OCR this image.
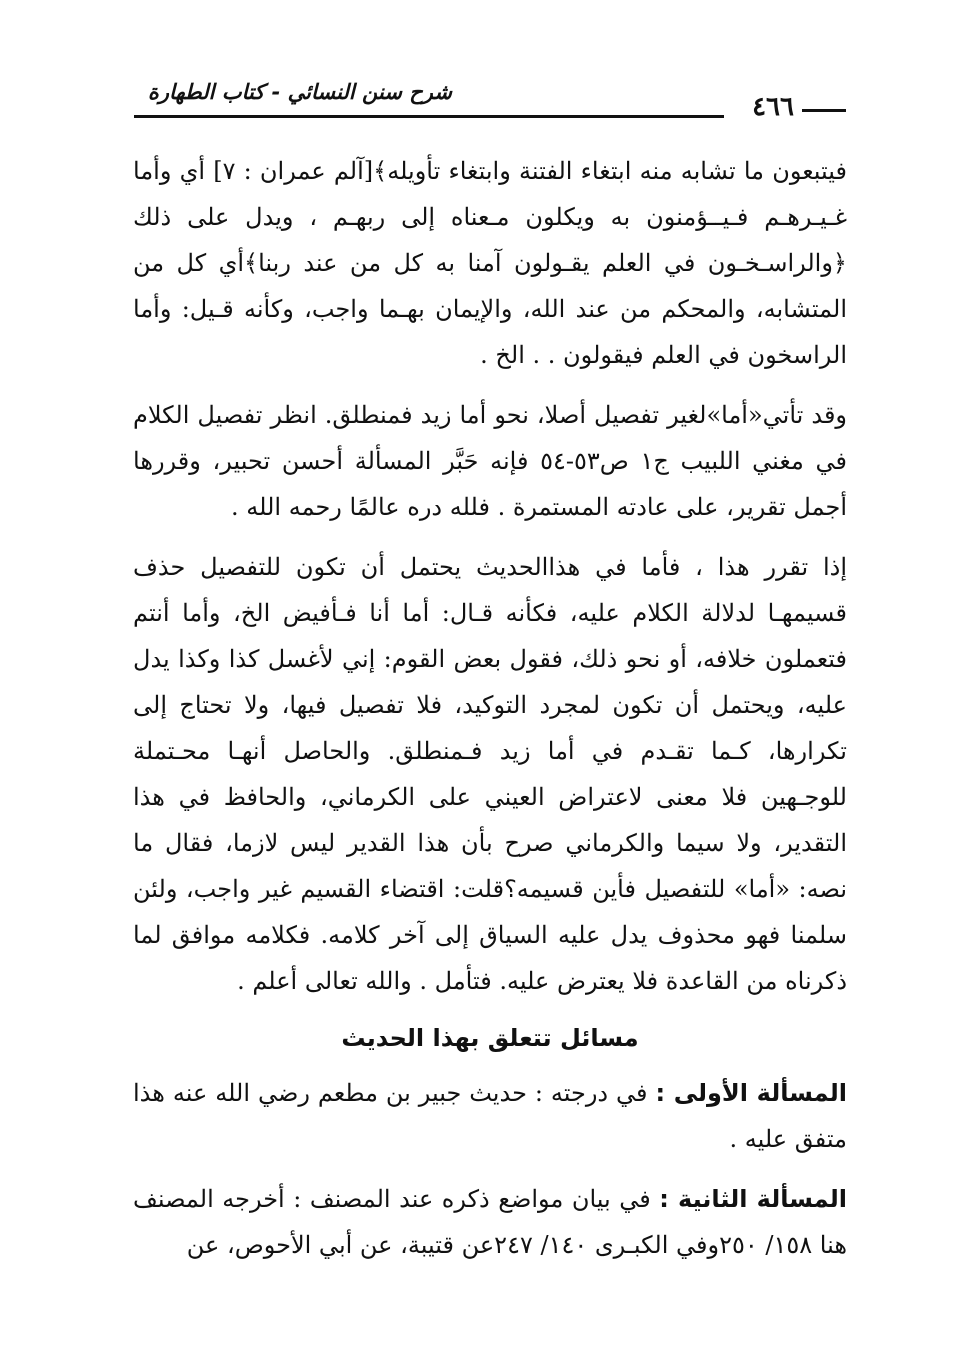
شرح سنن النسائي - كتاب الطهارة	٤٦٦

فيتبعون ما تشابه منه ابتغاء الفتنة وابتغاء تأويله﴾[آلم عمران : ٧] أي وأما غـيـرهـم فـيــؤمنون به ويكلون مـعناه إلى ربهـم ، ويدل على ذلك ﴿والراسـخـون في العلم يقـولون آمنا به كل من عند ربنا﴾أي كل من المتشابه، والمحكم من عند الله، والإيمان بهـما واجب، وكأنه قـيل: وأما الراسخون في العلم فيقولون . . الخ .

وقد تأتي«أما»لغير تفصيل أصلا، نحو أما زيد فمنطلق. انظر تفصيل الكلام في مغني اللبيب ج١ ص٥٣-٥٤ فإنه حَبَّر المسألة أحسن تحبير، وقررها أجمل تقرير، على عادته المستمرة . فلله دره عالمًا رحمه الله .

إذا تقرر هذا ، فأما في هذاالحديث يحتمل أن تكون للتفصيل حذف قسيمهـا لدلالة الكلام عليه، فكأنه قـال: أما أنا فـأفيض الخ، وأما أنتم فتعملون خلافه، أو نحو ذلك، فقول بعض القوم: إني لأغسل كذا وكذا يدل عليه، ويحتمل أن تكون لمجرد التوكيد، فلا تفصيل فيها، ولا تحتاج إلى تكرارها، كـما تقـدم في أما زيد فـمنطلق. والحاصل أنهـا محـتملة للوجـهين فلا معنى لاعتراض العيني على الكرماني، والحافظ في هذا التقدير، ولا سيما والكرماني صرح بأن هذا القدير ليس لازما، فقال ما نصه: «أما» للتفصيل فأين قسيمه؟قلت: اقتضاء القسيم غير واجب، ولئن سلمنا فهو محذوف يدل عليه السياق إلى آخر كلامه. فكلامه موافق لما ذكرناه من القاعدة فلا يعترض عليه. فتأمل . والله تعالى أعلم .

مسائل تتعلق بهذا الحديث

المسألة الأولى : في درجته : حديث جبير بن مطعم رضي الله عنه هذا متفق عليه .

المسألة الثانية : في بيان مواضع ذكره عند المصنف : أخرجه المصنف هنا ١٥٨/ ٢٥٠وفي الكبـرى ١٤٠/ ٢٤٧عن قتيبة، عن أبي الأحوص، عن
